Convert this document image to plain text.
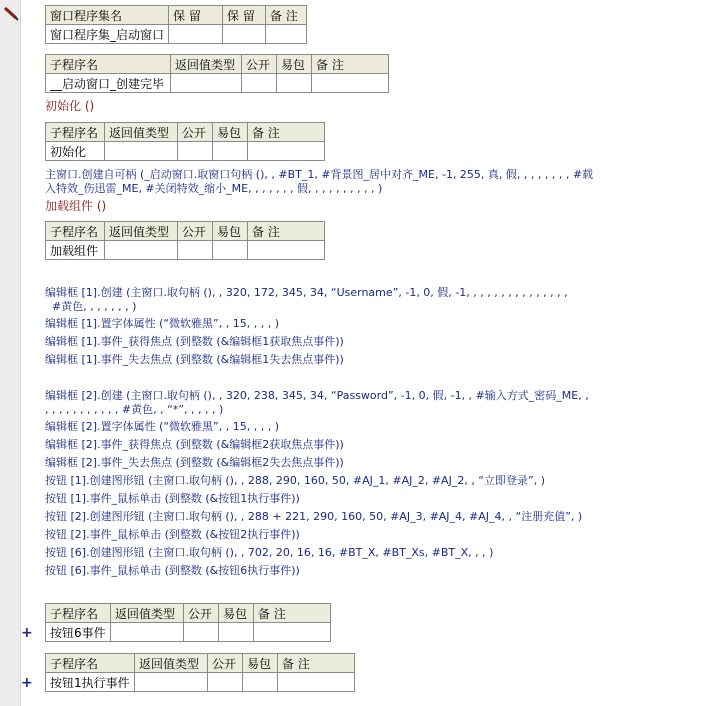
窗口程序集名	保 留	保 留	备 注
窗口程序集_启动窗口			
子程序名	返回值类型	公开	易包	备 注
__启动窗口_创建完毕				
初始化 ()
子程序名	返回值类型	公开	易包	备 注
初始化				
主窗口.创建自可柄 (_启动窗口.取窗口句柄 (), , #BT_1, #背景图_居中对齐_ME, -1, 255, 真, 假, , , , , , , , #载
入特效_伤迅雷_ME, #关闭特效_缩小_ME, , , , , , , 假, , , , , , , , , , )
加载组件 ()
子程序名	返回值类型	公开	易包	备 注
加载组件				
编辑框 [1].创建 (主窗口.取句柄 (), , 320, 172, 345, 34, “Username”, -1, 0, 假, -1, , , , , , , , , , , , , , ,
#黄色, , , , , , , )
编辑框 [1].置字体属性 (“微软雅黑”, , 15, , , , )
编辑框 [1].事件_获得焦点 (到整数 (&编辑框1获取焦点事件))
编辑框 [1].事件_失去焦点 (到整数 (&编辑框1失去焦点事件))
编辑框 [2].创建 (主窗口.取句柄 (), , 320, 238, 345, 34, “Password”, -1, 0, 假, -1, , #输入方式_密码_ME, ,
, , , , , , , , , , , #黄色, , “*”, , , , , )
编辑框 [2].置字体属性 (“微软雅黑”, , 15, , , , )
编辑框 [2].事件_获得焦点 (到整数 (&编辑框2获取焦点事件))
编辑框 [2].事件_失去焦点 (到整数 (&编辑框2失去焦点事件))
按钮 [1].创建图形钮 (主窗口.取句柄 (), , 288, 290, 160, 50, #AJ_1, #AJ_2, #AJ_2, , “立即登录”, )
按钮 [1].事件_鼠标单击 (到整数 (&按钮1执行事件))
按钮 [2].创建图形钮 (主窗口.取句柄 (), , 288 + 221, 290, 160, 50, #AJ_3, #AJ_4, #AJ_4, , “注册充值”, )
按钮 [2].事件_鼠标单击 (到整数 (&按钮2执行事件))
按钮 [6].创建图形钮 (主窗口.取句柄 (), , 702, 20, 16, 16, #BT_X, #BT_Xs, #BT_X, , , )
按钮 [6].事件_鼠标单击 (到整数 (&按钮6执行事件))
+
子程序名	返回值类型	公开	易包	备 注
按钮6事件				
+
子程序名	返回值类型	公开	易包	备 注
按钮1执行事件				
